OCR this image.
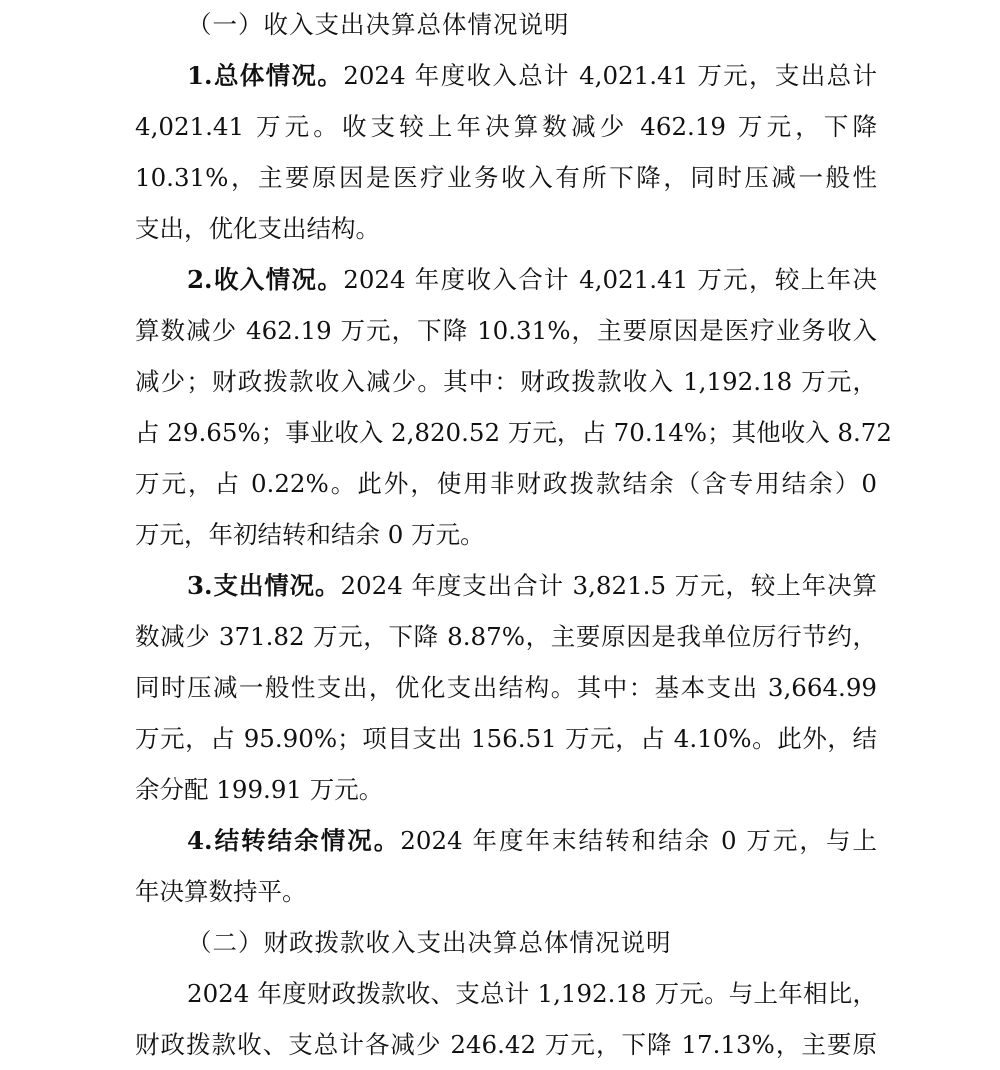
（一）收入支出决算总体情况说明
1.总体情况。2024 年度收入总计 4,021.41 万元，支出总计
4,021.41 万元。收支较上年决算数减少 462.19 万元，下降
10.31%，主要原因是医疗业务收入有所下降，同时压减一般性
支出，优化支出结构。
2.收入情况。2024 年度收入合计 4,021.41 万元，较上年决
算数减少 462.19 万元，下降 10.31%，主要原因是医疗业务收入
减少；财政拨款收入减少。其中：财政拨款收入 1,192.18 万元，
占 29.65%；事业收入 2,820.52 万元，占 70.14%；其他收入 8.72
万元，占 0.22%。此外，使用非财政拨款结余（含专用结余）0
万元，年初结转和结余 0 万元。
3.支出情况。2024 年度支出合计 3,821.5 万元，较上年决算
数减少 371.82 万元，下降 8.87%，主要原因是我单位厉行节约，
同时压减一般性支出，优化支出结构。其中：基本支出 3,664.99
万元，占 95.90%；项目支出 156.51 万元，占 4.10%。此外，结
余分配 199.91 万元。
4.结转结余情况。2024 年度年末结转和结余 0 万元，与上
年决算数持平。
（二）财政拨款收入支出决算总体情况说明
2024 年度财政拨款收、支总计 1,192.18 万元。与上年相比，
财政拨款收、支总计各减少 246.42 万元，下降 17.13%，主要原
